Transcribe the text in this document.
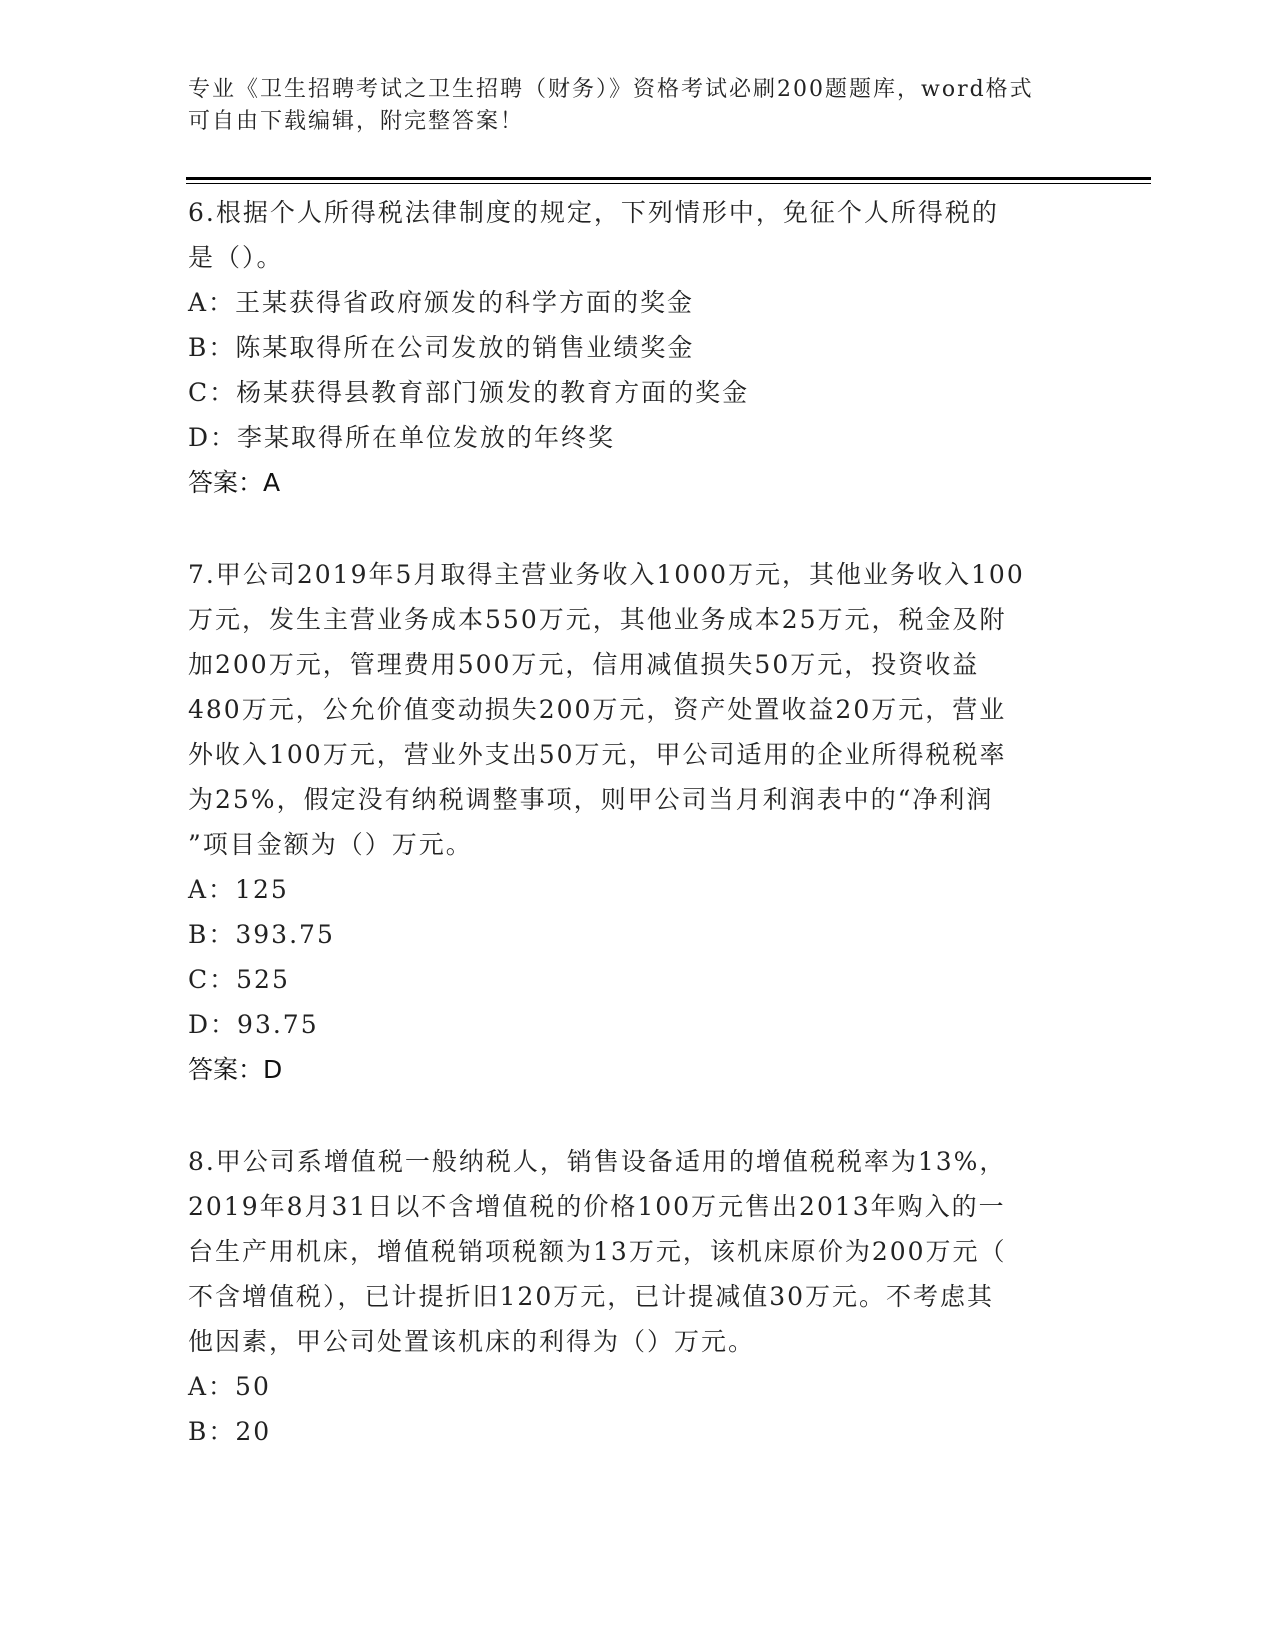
专业《卫生招聘考试之卫生招聘（财务）》资格考试必刷200题题库，word格式
可自由下载编辑，附完整答案！
6.根据个人所得税法律制度的规定，下列情形中，免征个人所得税的
是（）。
A：王某获得省政府颁发的科学方面的奖金
B：陈某取得所在公司发放的销售业绩奖金
C：杨某获得县教育部门颁发的教育方面的奖金
D：李某取得所在单位发放的年终奖
答案：A
7.甲公司2019年5月取得主营业务收入1000万元，其他业务收入100
万元，发生主营业务成本550万元，其他业务成本25万元，税金及附
加200万元，管理费用500万元，信用减值损失50万元，投资收益
480万元，公允价值变动损失200万元，资产处置收益20万元，营业
外收入100万元，营业外支出50万元，甲公司适用的企业所得税税率
为25%，假定没有纳税调整事项，则甲公司当月利润表中的“净利润
”项目金额为（）万元。
A：125
B：393.75
C：525
D：93.75
答案：D
8.甲公司系增值税一般纳税人，销售设备适用的增值税税率为13%，
2019年8月31日以不含增值税的价格100万元售出2013年购入的一
台生产用机床，增值税销项税额为13万元，该机床原价为200万元（
不含增值税），已计提折旧120万元，已计提减值30万元。不考虑其
他因素，甲公司处置该机床的利得为（）万元。
A：50
B：20
